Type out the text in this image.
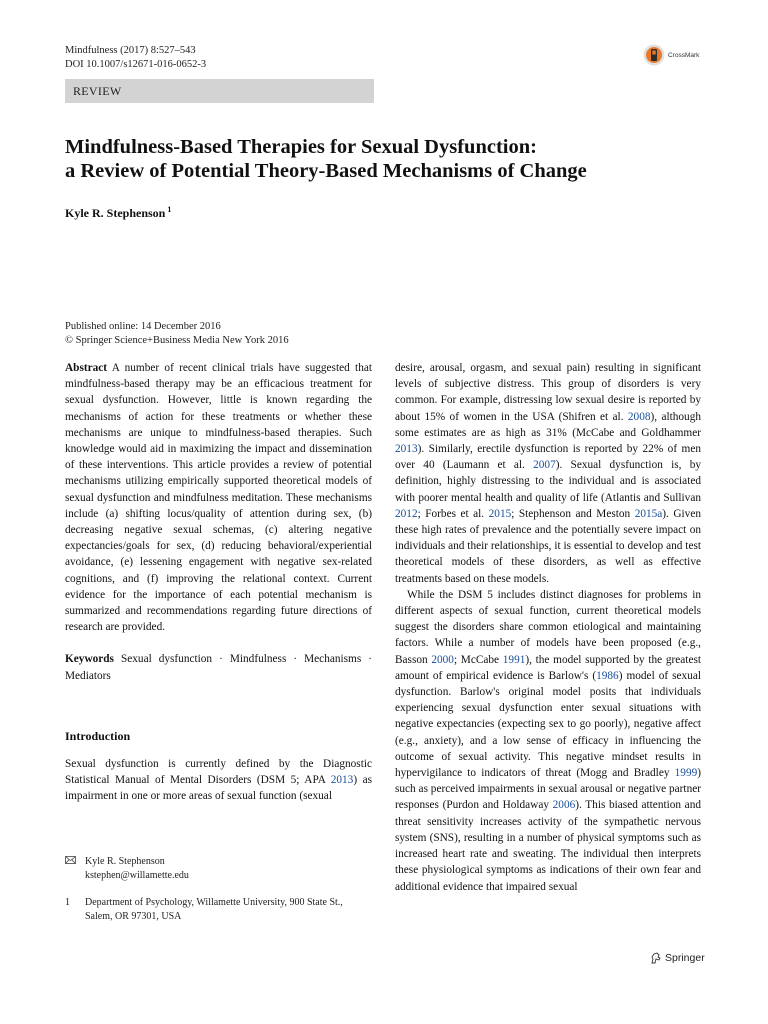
Mindfulness (2017) 8:527–543
DOI 10.1007/s12671-016-0652-3
CrossMark
REVIEW
Mindfulness-Based Therapies for Sexual Dysfunction:
a Review of Potential Theory-Based Mechanisms of Change
Kyle R. Stephenson $^1$
Published online: 14 December 2016
© Springer Science+Business Media New York 2016

Abstract A number of recent clinical trials have suggested that mindfulness-based therapy may be an efficacious treatment for sexual dysfunction. However, little is known regarding the mechanisms of action for these treatments or whether these mechanisms are unique to mindfulness-based therapies. Such knowledge would aid in maximizing the impact and dissemination of these interventions. This article provides a review of potential mechanisms utilizing empirically supported theoretical models of sexual dysfunction and mindfulness meditation. These mechanisms include (a) shifting locus/quality of attention during sex, (b) decreasing negative sexual schemas, (c) altering negative expectancies/goals for sex, (d) reducing behavioral/experiential avoidance, (e) lessening engagement with negative sex-related cognitions, and (f) improving the relational context. Current evidence for the importance of each potential mechanism is summarized and recommendations regarding future directions of research are provided.

Keywords Sexual dysfunction · Mindfulness · Mechanisms · Mediators

Introduction

Sexual dysfunction is currently defined by the Diagnostic Statistical Manual of Mental Disorders (DSM 5; APA 2013) as impairment in one or more areas of sexual function (sexual

Kyle R. Stephenson
kstephen@willamette.edu
1	Department of Psychology, Willamette University, 900 State St.,
Salem, OR 97301, USA

desire, arousal, orgasm, and sexual pain) resulting in significant levels of subjective distress. This group of disorders is very common. For example, distressing low sexual desire is reported by about 15% of women in the USA (Shifren et al. 2008), although some estimates are as high as 31% (McCabe and Goldhammer 2013). Similarly, erectile dysfunction is reported by 22% of men over 40 (Laumann et al. 2007). Sexual dysfunction is, by definition, highly distressing to the individual and is associated with poorer mental health and quality of life (Atlantis and Sullivan 2012; Forbes et al. 2015; Stephenson and Meston 2015a). Given these high rates of prevalence and the potentially severe impact on individuals and their relationships, it is essential to develop and test theoretical models of these disorders, as well as effective treatments based on these models.

While the DSM 5 includes distinct diagnoses for problems in different aspects of sexual function, current theoretical models suggest the disorders share common etiological and maintaining factors. While a number of models have been proposed (e.g., Basson 2000; McCabe 1991), the model supported by the greatest amount of empirical evidence is Barlow's (1986) model of sexual dysfunction. Barlow's original model posits that individuals experiencing sexual dysfunction enter sexual situations with negative expectancies (expecting sex to go poorly), negative affect (e.g., anxiety), and a low sense of efficacy in influencing the outcome of sexual activity. This negative mindset results in hypervigilance to indicators of threat (Mogg and Bradley 1999) such as perceived impairments in sexual arousal or negative partner responses (Purdon and Holdaway 2006). This biased attention and threat sensitivity increases activity of the sympathetic nervous system (SNS), resulting in a number of physical symptoms such as increased heart rate and sweating. The individual then interprets these physiological symptoms as indications of their own fear and additional evidence that impaired sexual

Springer
